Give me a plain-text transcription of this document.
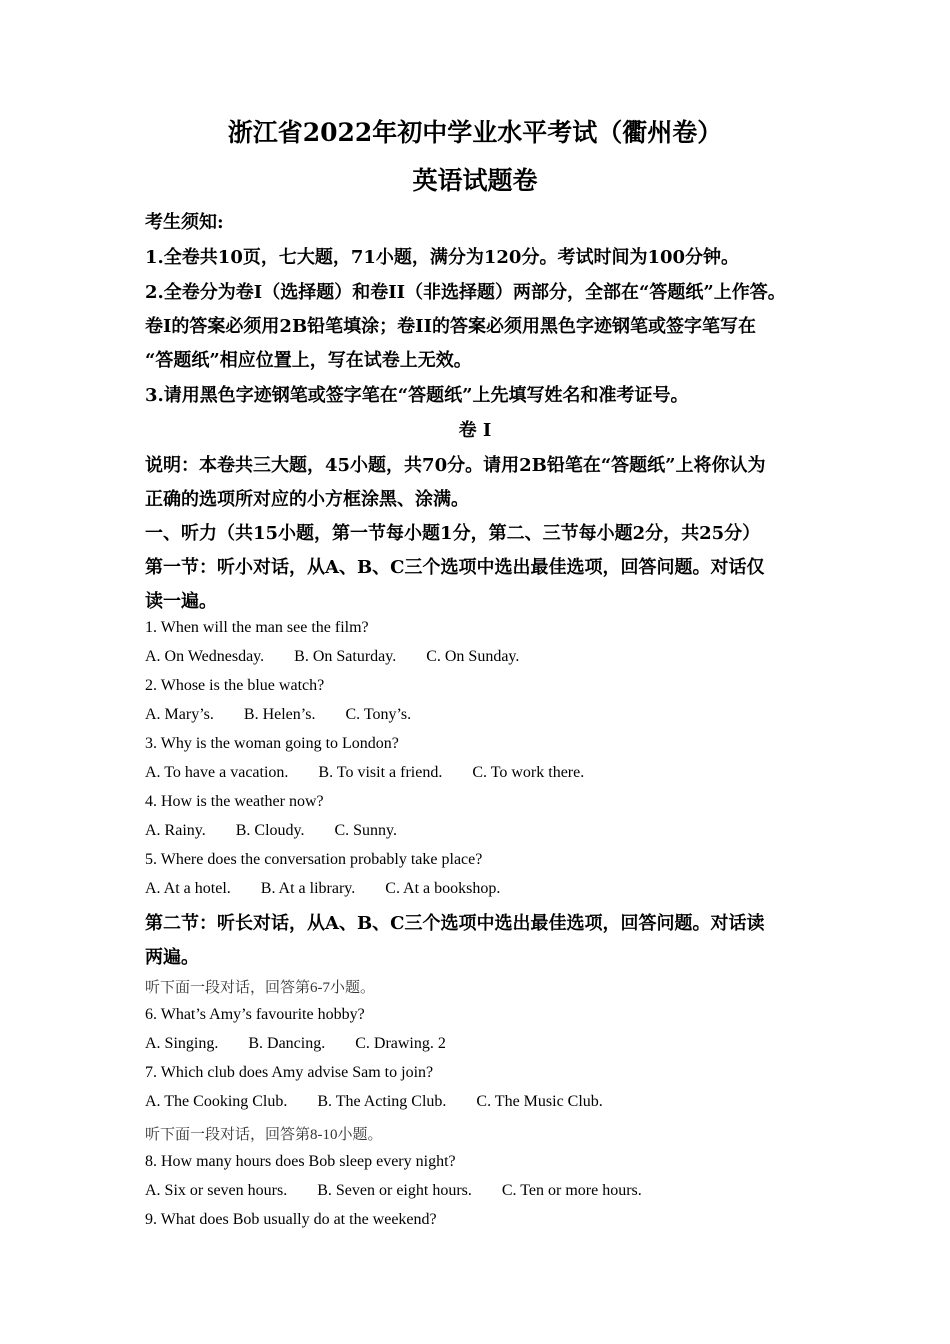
浙江省2022年初中学业水平考试（衢州卷）
英语试题卷
考生须知:
1.全卷共10页，七大题，71小题，满分为120分。考试时间为100分钟。
2.全卷分为卷I（选择题）和卷II（非选择题）两部分，全部在“答题纸”上作答。
卷I的答案必须用2B铅笔填涂；卷II的答案必须用黑色字迹钢笔或签字笔写在
“答题纸”相应位置上，写在试卷上无效。
3.请用黑色字迹钢笔或签字笔在“答题纸”上先填写姓名和准考证号。
卷 I
说明：本卷共三大题，45小题，共70分。请用2B铅笔在“答题纸”上将你认为
正确的选项所对应的小方框涂黑、涂满。
一、听力（共15小题，第一节每小题1分，第二、三节每小题2分，共25分）
第一节：听小对话，从A、B、C三个选项中选出最佳选项，回答问题。对话仅
读一遍。
1. When will the man see the film?
A. On Wednesday. B. On Saturday. C. On Sunday.
2. Whose is the blue watch?
A. Mary’s. B. Helen’s. C. Tony’s.
3. Why is the woman going to London?
A. To have a vacation. B. To visit a friend. C. To work there.
4. How is the weather now?
A. Rainy. B. Cloudy. C. Sunny.
5. Where does the conversation probably take place?
A. At a hotel. B. At a library. C. At a bookshop.
第二节：听长对话，从A、B、C三个选项中选出最佳选项，回答问题。对话读
两遍。
听下面一段对话，回答第6-7小题。
6. What’s Amy’s favourite hobby?
A. Singing. B. Dancing. C. Drawing. 2
7. Which club does Amy advise Sam to join?
A. The Cooking Club. B. The Acting Club. C. The Music Club.
听下面一段对话，回答第8-10小题。
8. How many hours does Bob sleep every night?
A. Six or seven hours. B. Seven or eight hours. C. Ten or more hours.
9. What does Bob usually do at the weekend?
